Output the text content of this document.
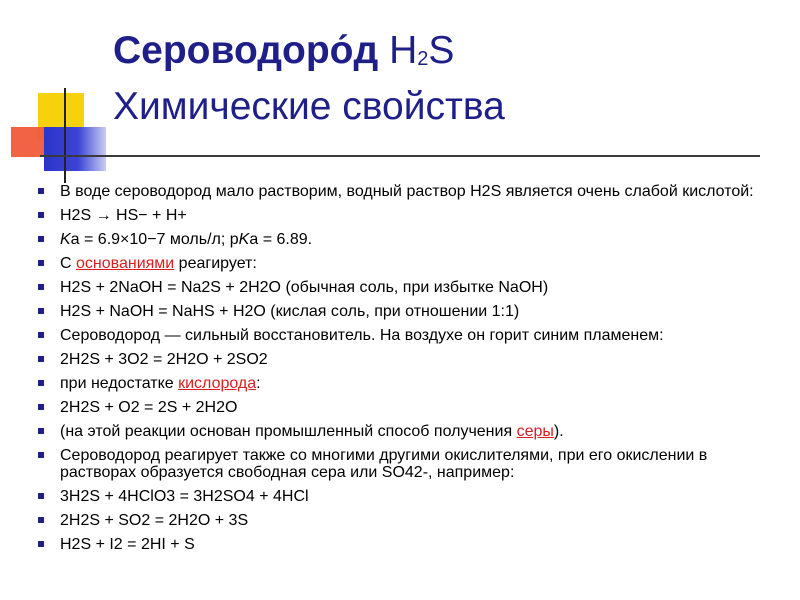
Сероводоро́д H2S
Химические свойства
В воде сероводород мало растворим, водный раствор H2S является очень слабой кислотой:
H2S → HS− + H+
Ka = 6.9×10−7 моль/л; pKa = 6.89.
С основаниями реагирует:
H2S + 2NaOH = Na2S + 2H2O (обычная соль, при избытке NaOH)
H2S + NaOH = NaHS + H2O (кислая соль, при отношении 1:1)
Сероводород — сильный восстановитель. На воздухе он горит синим пламенем:
2H2S + 3O2 = 2H2O + 2SO2
при недостатке кислорода:
2H2S + O2 = 2S + 2H2O
(на этой реакции основан промышленный способ получения серы).
Сероводород реагирует также со многими другими окислителями, при его окислении в растворах образуется свободная сера или SO42-, например:
3H2S + 4HClO3 = 3H2SO4 + 4HCl
2H2S + SO2 = 2H2O + 3S
H2S + I2 = 2HI + S
